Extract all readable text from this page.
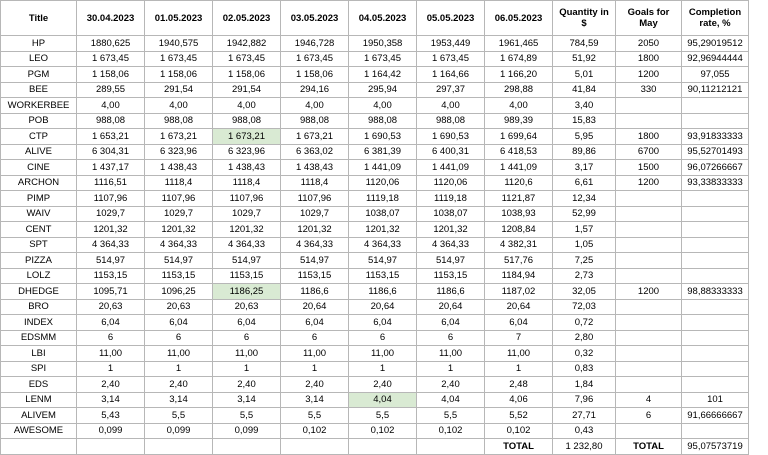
Title	30.04.2023	01.05.2023	02.05.2023	03.05.2023	04.05.2023	05.05.2023	06.05.2023	Quantity in $	Goals for May	Completion rate, %
HP	1880,625	1940,575	1942,882	1946,728	1950,358	1953,449	1961,465	784,59	2050	95,29019512
LEO	1 673,45	1 673,45	1 673,45	1 673,45	1 673,45	1 673,45	1 674,89	51,92	1800	92,96944444
PGM	1 158,06	1 158,06	1 158,06	1 158,06	1 164,42	1 164,66	1 166,20	5,01	1200	97,055
BEE	289,55	291,54	291,54	294,16	295,94	297,37	298,88	41,84	330	90,11212121
WORKERBEE	4,00	4,00	4,00	4,00	4,00	4,00	4,00	3,40		
POB	988,08	988,08	988,08	988,08	988,08	988,08	989,39	15,83		
CTP	1 653,21	1 673,21	1 673,21	1 673,21	1 690,53	1 690,53	1 699,64	5,95	1800	93,91833333
ALIVE	6 304,31	6 323,96	6 323,96	6 363,02	6 381,39	6 400,31	6 418,53	89,86	6700	95,52701493
CINE	1 437,17	1 438,43	1 438,43	1 438,43	1 441,09	1 441,09	1 441,09	3,17	1500	96,07266667
ARCHON	1116,51	1118,4	1118,4	1118,4	1120,06	1120,06	1120,6	6,61	1200	93,33833333
PIMP	1107,96	1107,96	1107,96	1107,96	1119,18	1119,18	1121,87	12,34		
WAIV	1029,7	1029,7	1029,7	1029,7	1038,07	1038,07	1038,93	52,99		
CENT	1201,32	1201,32	1201,32	1201,32	1201,32	1201,32	1208,84	1,57		
SPT	4 364,33	4 364,33	4 364,33	4 364,33	4 364,33	4 364,33	4 382,31	1,05		
PIZZA	514,97	514,97	514,97	514,97	514,97	514,97	517,76	7,25		
LOLZ	1153,15	1153,15	1153,15	1153,15	1153,15	1153,15	1184,94	2,73		
DHEDGE	1095,71	1096,25	1186,25	1186,6	1186,6	1186,6	1187,02	32,05	1200	98,88333333
BRO	20,63	20,63	20,63	20,64	20,64	20,64	20,64	72,03		
INDEX	6,04	6,04	6,04	6,04	6,04	6,04	6,04	0,72		
EDSMM	6	6	6	6	6	6	7	2,80		
LBI	11,00	11,00	11,00	11,00	11,00	11,00	11,00	0,32		
SPI	1	1	1	1	1	1	1	0,83		
EDS	2,40	2,40	2,40	2,40	2,40	2,40	2,48	1,84		
LENM	3,14	3,14	3,14	3,14	4,04	4,04	4,06	7,96	4	101
ALIVEM	5,43	5,5	5,5	5,5	5,5	5,5	5,52	27,71	6	91,66666667
AWESOME	0,099	0,099	0,099	0,102	0,102	0,102	0,102	0,43		
							TOTAL	1 232,80	TOTAL	95,07573719
